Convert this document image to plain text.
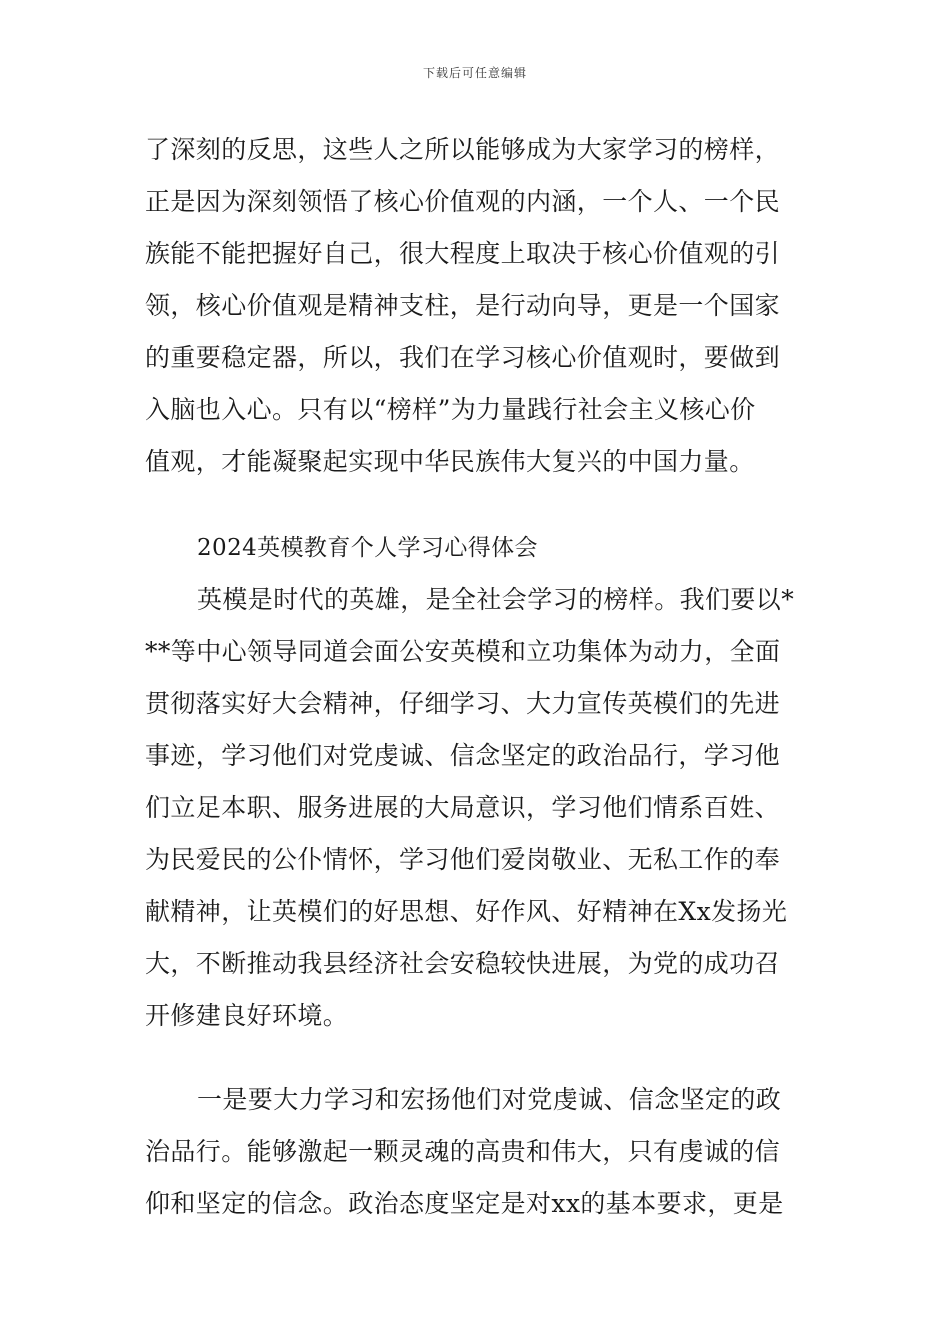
下载后可任意编辑
了深刻的反思，这些人之所以能够成为大家学习的榜样，
正是因为深刻领悟了核心价值观的内涵，一个人、一个民
族能不能把握好自己，很大程度上取决于核心价值观的引
领，核心价值观是精神支柱，是行动向导，更是一个国家
的重要稳定器，所以，我们在学习核心价值观时，要做到
入脑也入心。只有以“榜样”为力量践行社会主义核心价
值观，才能凝聚起实现中华民族伟大复兴的中国力量。
2024英模教育个人学习心得体会
英模是时代的英雄，是全社会学习的榜样。我们要以*
**等中心领导同道会面公安英模和立功集体为动力，全面
贯彻落实好大会精神，仔细学习、大力宣传英模们的先进
事迹，学习他们对党虔诚、信念坚定的政治品行，学习他
们立足本职、服务进展的大局意识，学习他们情系百姓、
为民爱民的公仆情怀，学习他们爱岗敬业、无私工作的奉
献精神，让英模们的好思想、好作风、好精神在Xx发扬光
大，不断推动我县经济社会安稳较快进展，为党的成功召
开修建良好环境。
一是要大力学习和宏扬他们对党虔诚、信念坚定的政
治品行。能够激起一颗灵魂的高贵和伟大，只有虔诚的信
仰和坚定的信念。政治态度坚定是对xx的基本要求，更是
